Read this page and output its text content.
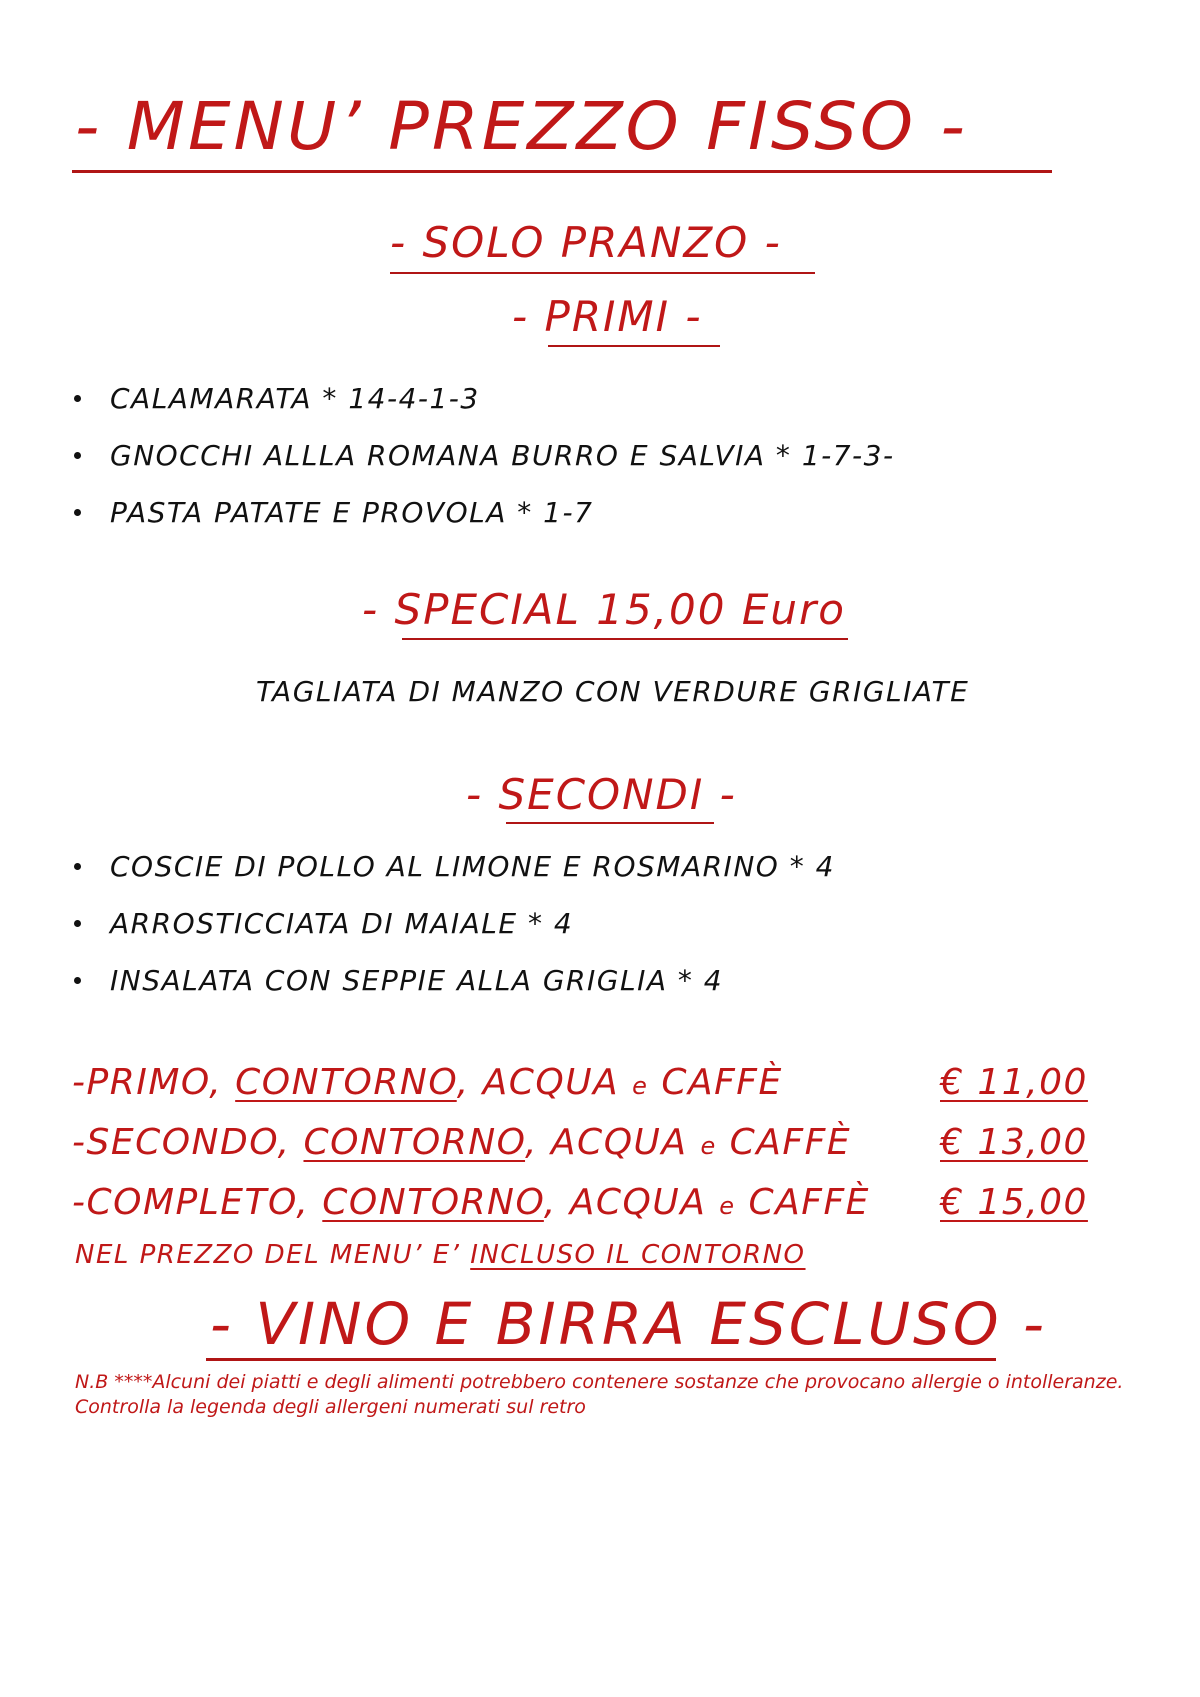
- MENU’ PREZZO FISSO -
- SOLO PRANZO -
- PRIMI -
CALAMARATA * 14-4-1-3
GNOCCHI ALLLA ROMANA BURRO E SALVIA * 1-7-3-
PASTA PATATE E PROVOLA * 1-7
- SPECIAL 15,00 Euro
TAGLIATA DI MANZO CON VERDURE GRIGLIATE
- SECONDI -
COSCIE DI POLLO AL LIMONE E ROSMARINO * 4
ARROSTICCIATA DI MAIALE * 4
INSALATA CON SEPPIE ALLA GRIGLIA * 4
-PRIMO, CONTORNO, ACQUA e CAFFÈ	€ 11,00
-SECONDO, CONTORNO, ACQUA e CAFFÈ € 13,00
-COMPLETO, CONTORNO, ACQUA e CAFFÈ € 15,00
NEL PREZZO DEL MENU’ E’ INCLUSO IL CONTORNO
- VINO E BIRRA ESCLUSO -
N.B ****Alcuni dei piatti e degli alimenti potrebbero contenere sostanze che provocano allergie o intolleranze.
Controlla la legenda degli allergeni numerati sul retro
